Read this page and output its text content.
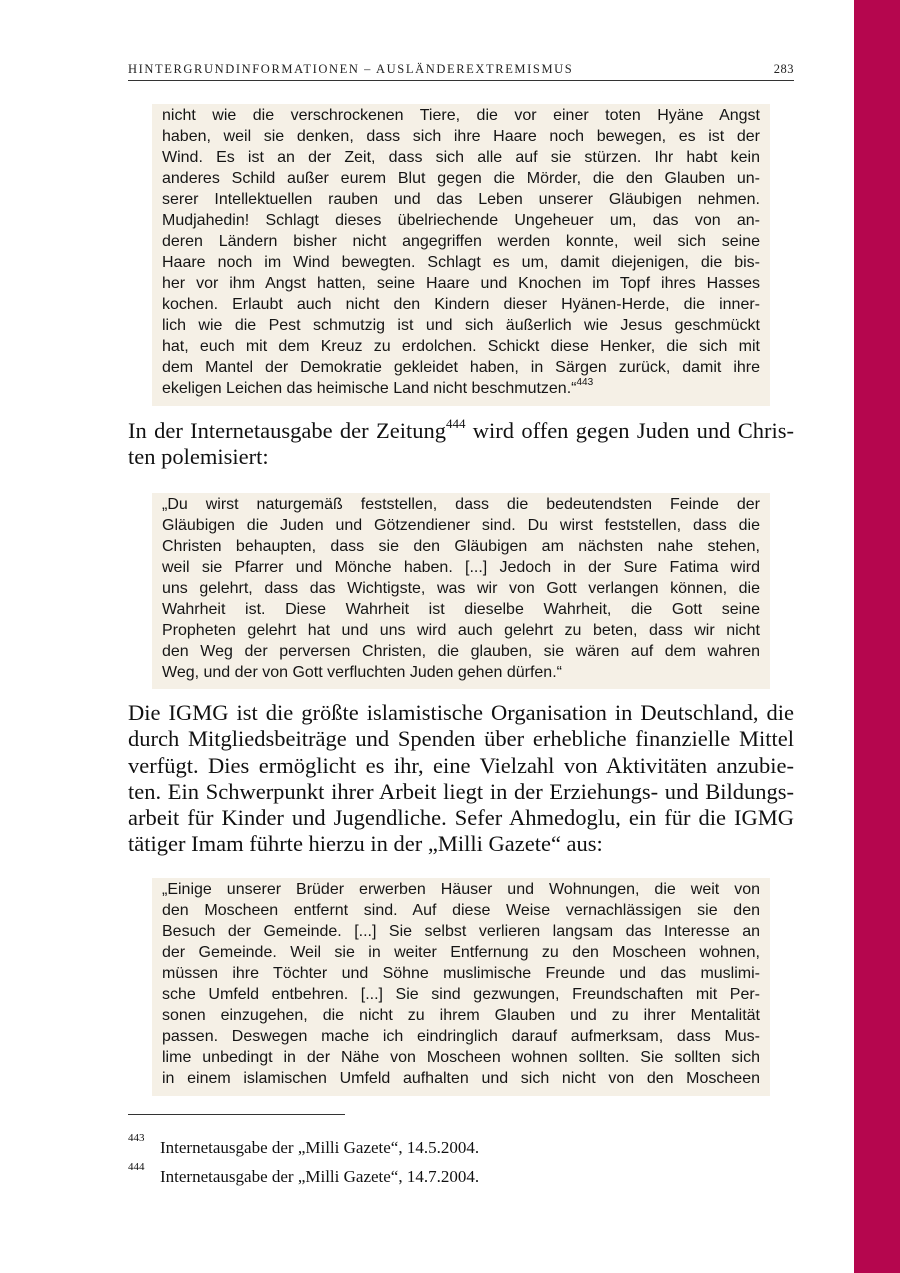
HINTERGRUNDINFORMATIONEN – AUSLÄNDEREXTREMISMUS	283
nicht wie die verschrockenen Tiere, die vor einer toten Hyäne Angst
haben, weil sie denken, dass sich ihre Haare noch bewegen, es ist der
Wind. Es ist an der Zeit, dass sich alle auf sie stürzen. Ihr habt kein
anderes Schild außer eurem Blut gegen die Mörder, die den Glauben un-
serer Intellektuellen rauben und das Leben unserer Gläubigen nehmen.
Mudjahedin! Schlagt dieses übelriechende Ungeheuer um, das von an-
deren Ländern bisher nicht angegriffen werden konnte, weil sich seine
Haare noch im Wind bewegten. Schlagt es um, damit diejenigen, die bis-
her vor ihm Angst hatten, seine Haare und Knochen im Topf ihres Hasses
kochen. Erlaubt auch nicht den Kindern dieser Hyänen-Herde, die inner-
lich wie die Pest schmutzig ist und sich äußerlich wie Jesus geschmückt
hat, euch mit dem Kreuz zu erdolchen. Schickt diese Henker, die sich mit
dem Mantel der Demokratie gekleidet haben, in Särgen zurück, damit ihre
ekeligen Leichen das heimische Land nicht beschmutzen.“$^{443}$
In der Internetausgabe der Zeitung$^{444}$ wird offen gegen Juden und Chris-
ten polemisiert:
„Du wirst naturgemäß feststellen, dass die bedeutendsten Feinde der
Gläubigen die Juden und Götzendiener sind. Du wirst feststellen, dass die
Christen behaupten, dass sie den Gläubigen am nächsten nahe stehen,
weil sie Pfarrer und Mönche haben. [...] Jedoch in der Sure Fatima wird
uns gelehrt, dass das Wichtigste, was wir von Gott verlangen können, die
Wahrheit ist. Diese Wahrheit ist dieselbe Wahrheit, die Gott seine
Propheten gelehrt hat und uns wird auch gelehrt zu beten, dass wir nicht
den Weg der perversen Christen, die glauben, sie wären auf dem wahren
Weg, und der von Gott verfluchten Juden gehen dürfen.“
Die IGMG ist die größte islamistische Organisation in Deutschland, die
durch Mitgliedsbeiträge und Spenden über erhebliche finanzielle Mittel
verfügt. Dies ermöglicht es ihr, eine Vielzahl von Aktivitäten anzubie-
ten. Ein Schwerpunkt ihrer Arbeit liegt in der Erziehungs- und Bildungs-
arbeit für Kinder und Jugendliche. Sefer Ahmedoglu, ein für die IGMG
tätiger Imam führte hierzu in der „Milli Gazete“ aus:
„Einige unserer Brüder erwerben Häuser und Wohnungen, die weit von
den Moscheen entfernt sind. Auf diese Weise vernachlässigen sie den
Besuch der Gemeinde. [...] Sie selbst verlieren langsam das Interesse an
der Gemeinde. Weil sie in weiter Entfernung zu den Moscheen wohnen,
müssen ihre Töchter und Söhne muslimische Freunde und das muslimi-
sche Umfeld entbehren. [...] Sie sind gezwungen, Freundschaften mit Per-
sonen einzugehen, die nicht zu ihrem Glauben und zu ihrer Mentalität
passen. Deswegen mache ich eindringlich darauf aufmerksam, dass Mus-
lime unbedingt in der Nähe von Moscheen wohnen sollten. Sie sollten sich
in einem islamischen Umfeld aufhalten und sich nicht von den Moscheen
443 Internetausgabe der „Milli Gazete“, 14.5.2004.
444 Internetausgabe der „Milli Gazete“, 14.7.2004.
